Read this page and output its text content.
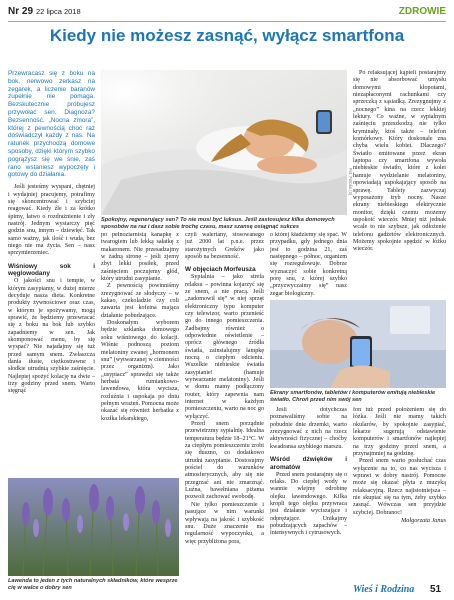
Nr 29 22 lipca 2018	ZDROWIE
Kiedy nie możesz zasnąć, wyłącz smartfona

Przewracasz się z boku na bok, nerwowo zerkasz na zegarek, a liczenie baranów zupełnie nie pomaga. Bezskutecznie próbujesz przywołać sen. Diagnoza? Bezsenność. „Nocna zmora”, której z pewnością choć raz doświadczył każdy z nas. Na ratunek przychodzą domowe sposoby, dzięki którym szybko pogrążysz się we śnie, zaś rano wstaniesz wypoczęty i gotowy do działania.

Jeśli jesteśmy wyspani, chętniej i wydajniej pracujemy, potrafimy się skoncentrować i szybciej reagować. Kiedy źle i za krótko śpimy, łatwo o rozdrażnienie i zły nastrój. Jednym wystarczy pięć godzin snu, innym – dziewięć. Tak samo ważny, jak ilość i wuda, bez niego nie ma życia. Sen – nasz sprzymierzeniec.

Wiśniowy sok i węglowodany

O jakości snu i tempie, w którym zasypiamy, w dużej mierze decyduje nasza dieta. Konkretne produkty żywnościowe oraz czas, w którym je spożywamy, mogą sprawić, że będziemy przewracać się z boku na bok lub szybko zapadniemy w sen. Jak skomponować menu, by się wyspać? Nie najadajmy się tuż przed samym snem. Zwłaszcza dania tłuste, ciężkostrawne i słodkie utrudnią szybkie zaśnięcie. Najlepiej spożyć kolację na dwie – trzy godziny przed snem. Warto sięgnąć

Fot. Fotolia (3)
Spokojny, regenerujący sen? To nie musi być luksus. Jeśli zastosujesz kilka domowych sposobów na raz i dasz sobie trochę czasu, masz szansę osiągnąć sukces

po pełnoziarnistą kanapkę z twarogiem lub lekką sałatkę z makaronem. Nie przesadzajmy w żadną stronę – jeśli zjemy zbyt lekki posiłek, przed zaśnięciem poczujemy głód, który utrudni zasypianie.

Z pewnością powinniśmy zrezygnować ze słodyczy – w kakao, czekoladzie czy coli zawarta jest kofeina mająca działanie pobudzające.

Doskonałym wyborem będzie szklanka domowego soku wiśniowego do kolacji. Wiśnie podnoszą poziom melatoniny zwanej „hormonem snu” (wytwarzanej w ciemności przez organizm). Jako „usypiacz” sprawdzi się także herbata rumiankowo-lawendowa, która wycisza, rozluźnia i uspokaja po dniu pełnym wrażeń. Pomocna może okazać się również herbatka z kozłka lekarskiego,

czyli waleriany, stosowanego już 2000 lat p.n.e. przez starożytnych Greków jako sposób na bezsenność.

W objęciach Morfeusza

Sypialnia – jako strefa relaksu – powinna kojarzyć się ze snem, a nie pracą. Jeśli „zadomowił się” w niej sprzęt elektroniczny typu komputer czy telewizor, warto przenieść go do innego pomieszczenia. Zadbajmy również o odpowiednie oświetlenie – oprócz głównego źródła światła, zainstalujmy lampkę nocną o ciepłym odcieniu. Wszelkie niebieskie światła zasypianie! (hamuje wytwarzanie melatoniny). Jeśli w domu mamy podłączony router, który zapewnia nam internet w każdym pomieszczeniu, warto na noc go wyłączyć.

Przed snem porządnie przewietrzmy sypialnię. Idealna temperatura będzie 18–21°C. W za ciepłym pomieszczeniu zrobi się duszno, co dodatkowo utrudni zasypianie. Dostosujmy pościel do warunków atmosferycznych, aby się nie przegrzać ani nie zmarznąć. Luźna, bawełniana piżama pozwoli zachować swobodę.

Nie tylko pomieszczenie i pasujące w nim warunki wpływają na jakość i szybkość snu. Duże znaczenie ma regularność wypoczynku, a więc przybliżona pora,

o której kładziemy się spać. W przypadku, gdy jednego dnia jest to godzina 21, zaś następnego – północ, organizm się rozregulowuje. Dobrze wyznaczyć sobie konkretną porę snu, z której szybko „przyzwyczaimy się” nasz zegar biologiczny.

Po relaksującej kąpieli postarajmy się nie absorbować umysłu domowymi kłopotami, niezapłaconymi rachunkami czy sprzeczką z sąsiadką. Zrezygnujmy z „nocnego” kina na rzecz lekkiej lektury. Co ważne, w sypialnym zaśnięciu przeszkodzą nie tylko kryminały, ktoś także – telefon komórkowy. Który doskonale zna chyba wielu kobiet. Dlaczego? Światło emitowane przez ekran laptopa czy smartfona wywoła niebieskie światło, które z kolei hamuje wydzielanie melatoniny, opowiadają uspokajający sposób na sprawę. Tablety zazwyczaj wyposażony tryb nocny. Nasze ekrany niebieskiego elektrycznie monitor, dzięki czemu możemy uspokoić wieczór. Mniej niż jednak wcale to nie szybsze, jak odłożenie telefonu gadżetów elektronicznych. Możemy spokojnie spędzić w łóżku wieczór.

Ekrany smartfonów, tabletów i komputerów emitują niebieskie światło. Chroń przed nim swój sen

Jeśli dotychczas poznawaliśmy sobie na pobudnie dnie drzemki, warto zrezygnować z nich na rzecz aktywności fizycznej – choćby kwadransa szybkiego marszu.

Wśród dźwięków i aromatów

Przed snem postarajmy się o relaks. Do ciepłej wody w wannie wlejmy odrobinę olejku lawendowego. Kilka kropli tego olejku przywraca jest działanie wyciszające i odprężające. Unikajmy pobudzających zapachów – intensywnych i cytrusowych.

fon tuż przed położeniem się do łóżka. Jeśli nie mamy takich okularów, by spokojnie zasypiać, lekarze sugerują odstawienie komputerów i smartfonów najlepiej na trzy godziny przed snem, a przynajmniej na godzinę.

Przed snem warto posłuchać czas wyłącznie na to, co nas wycisza i wprawi w dobry nastrój. Pomocne może się okazać płyta z muzyką relaksacyjną. Rzecz najistotniejsza – nie skupiać się na tym, żeby szybko zasnąć. Wówczas sen przyjdzie szybciej. Dobranoc!

Małgorzata Janus

Lawenda to jeden z tych naturalnych składników, które wesprze cię w walce o dobry sen	Wieś i Rodzina 51
